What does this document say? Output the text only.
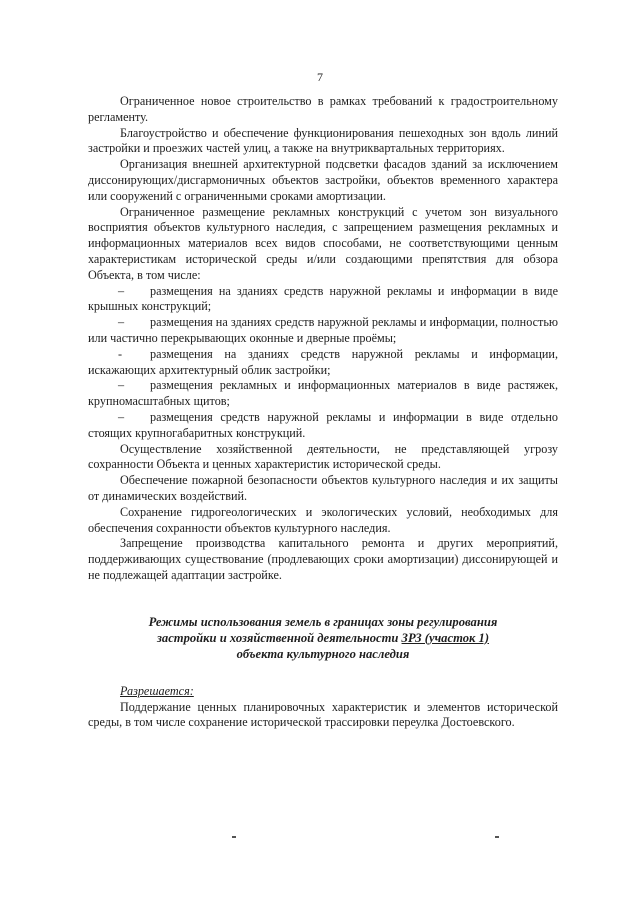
7

Ограниченное новое строительство в рамках требований к градостроительному регламенту.

Благоустройство и обеспечение функционирования пешеходных зон вдоль линий застройки и проезжих частей улиц, а также на внутриквартальных территориях.

Организация внешней архитектурной подсветки фасадов зданий за исключением диссонирующих/дисгармоничных объектов застройки, объектов временного характера или сооружений с ограниченными сроками амортизации.

Ограниченное размещение рекламных конструкций с учетом зон визуального восприятия объектов культурного наследия, с запрещением размещения рекламных и информационных материалов всех видов способами, не соответствующими ценным характеристикам исторической среды и/или создающими препятствия для обзора Объекта, в том числе:

– размещения на зданиях средств наружной рекламы и информации в виде крышных конструкций;

– размещения на зданиях средств наружной рекламы и информации, полностью или частично перекрывающих оконные и дверные проёмы;

- размещения на зданиях средств наружной рекламы и информации, искажающих архитектурный облик застройки;

– размещения рекламных и информационных материалов в виде растяжек, крупномасштабных щитов;

– размещения средств наружной рекламы и информации в виде отдельно стоящих крупногабаритных конструкций.

Осуществление хозяйственной деятельности, не представляющей угрозу сохранности Объекта и ценных характеристик исторической среды.

Обеспечение пожарной безопасности объектов культурного наследия и их защиты от динамических воздействий.

Сохранение гидрогеологических и экологических условий, необходимых для обеспечения сохранности объектов культурного наследия.

Запрещение производства капитального ремонта и других мероприятий, поддерживающих существование (продлевающих сроки амортизации) диссонирующей и не подлежащей адаптации застройке.

Режимы использования земель в границах зоны регулирования
застройки и хозяйственной деятельности ЗРЗ (участок 1)
объекта культурного наследия

Разрешается:

Поддержание ценных планировочных характеристик и элементов исторической среды, в том числе сохранение исторической трассировки переулка Достоевского.
